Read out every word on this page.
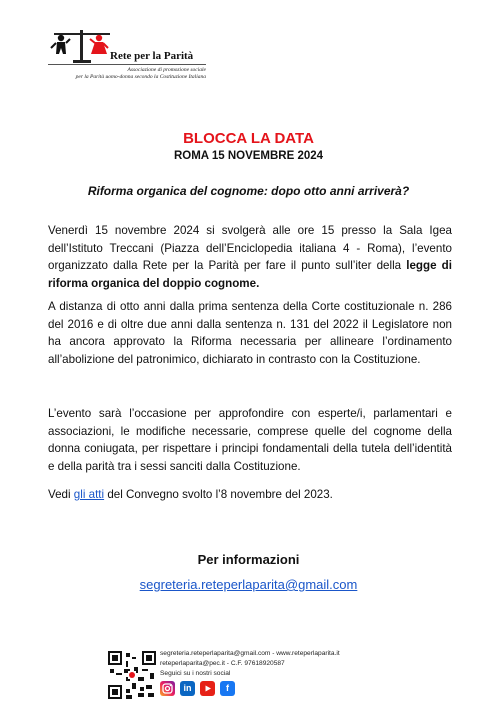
Rete per la Parità
Associazione di promozione sociale
per la Parità uomo-donna secondo la Costituzione Italiana
BLOCCA LA DATA
ROMA 15 NOVEMBRE 2024
Riforma organica del cognome: dopo otto anni arriverà?
Venerdì 15 novembre 2024 si svolgerà alle ore 15 presso la Sala Igea dell’Istituto Treccani (Piazza dell’Enciclopedia italiana 4 - Roma), l’evento organizzato dalla Rete per la Parità per fare il punto sull’iter della legge di riforma organica del doppio cognome.
A distanza di otto anni dalla prima sentenza della Corte costituzionale n. 286 del 2016 e di oltre due anni dalla sentenza n. 131 del 2022 il Legislatore non ha ancora approvato la Riforma necessaria per allineare l’ordinamento all’abolizione del patronimico, dichiarato in contrasto con la Costituzione.
L’evento sarà l’occasione per approfondire con esperte/i, parlamentari e associazioni, le modifiche necessarie, comprese quelle del cognome della donna coniugata, per rispettare i principi fondamentali della tutela dell’identità e della parità tra i sessi sanciti dalla Costituzione.
Vedi gli atti del Convegno svolto l’8 novembre del 2023.
Per informazioni
segreteria.reteperlaparita@gmail.com
segreteria.reteperlaparita@gmail.com - www.reteperlaparita.it
reteperlaparita@pec.it - C.F. 97618920587
Seguici su i nostri social
in	f
